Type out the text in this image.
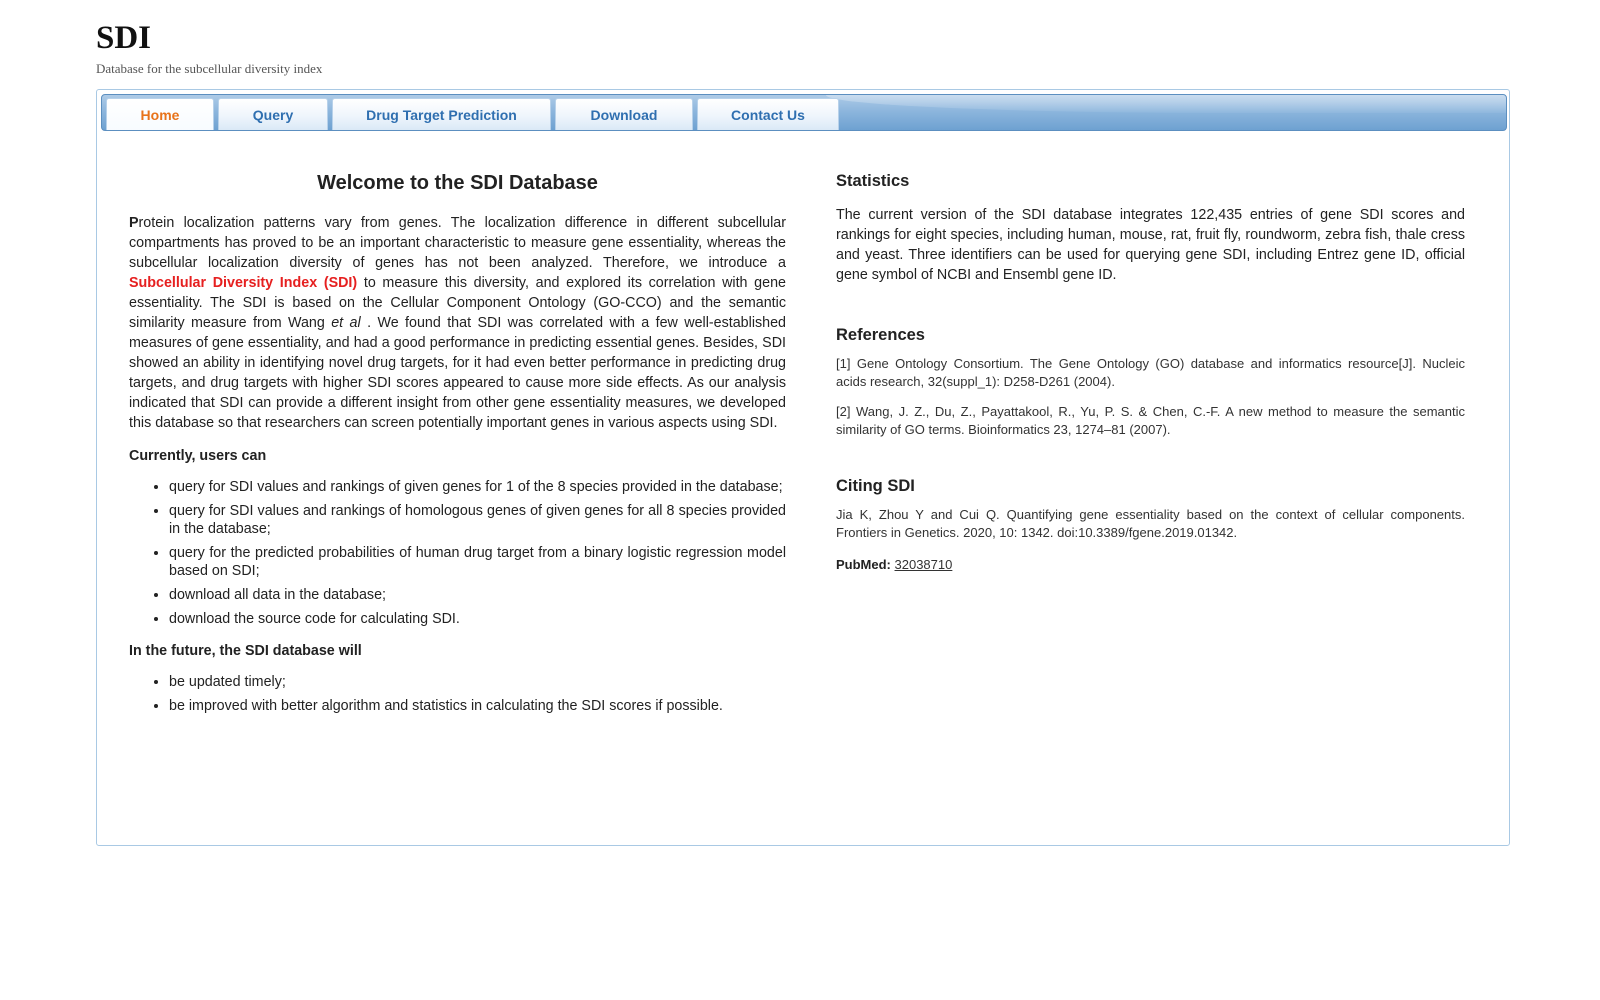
SDI
Database for the subcellular diversity index
Home	Query	Drug Target Prediction	Download	Contact Us
Welcome to the SDI Database

Protein localization patterns vary from genes. The localization difference in different subcellular compartments has proved to be an important characteristic to measure gene essentiality, whereas the subcellular localization diversity of genes has not been analyzed. Therefore, we introduce a Subcellular Diversity Index (SDI) to measure this diversity, and explored its correlation with gene essentiality. The SDI is based on the Cellular Component Ontology (GO-CCO) and the semantic similarity measure from Wang et al . We found that SDI was correlated with a few well-established measures of gene essentiality, and had a good performance in predicting essential genes. Besides, SDI showed an ability in identifying novel drug targets, for it had even better performance in predicting drug targets, and drug targets with higher SDI scores appeared to cause more side effects. As our analysis indicated that SDI can provide a different insight from other gene essentiality measures, we developed this database so that researchers can screen potentially important genes in various aspects using SDI.

Currently, users can

• query for SDI values and rankings of given genes for 1 of the 8 species provided in the database;
• query for SDI values and rankings of homologous genes of given genes for all 8 species provided in the database;
• query for the predicted probabilities of human drug target from a binary logistic regression model based on SDI;
• download all data in the database;
• download the source code for calculating SDI.

In the future, the SDI database will

• be updated timely;
• be improved with better algorithm and statistics in calculating the SDI scores if possible.
Statistics

The current version of the SDI database integrates 122,435 entries of gene SDI scores and rankings for eight species, including human, mouse, rat, fruit fly, roundworm, zebra fish, thale cress and yeast. Three identifiers can be used for querying gene SDI, including Entrez gene ID, official gene symbol of NCBI and Ensembl gene ID.

References

[1] Gene Ontology Consortium. The Gene Ontology (GO) database and informatics resource[J]. Nucleic acids research, 32(suppl_1): D258-D261 (2004).

[2] Wang, J. Z., Du, Z., Payattakool, R., Yu, P. S. & Chen, C.-F. A new method to measure the semantic similarity of GO terms. Bioinformatics 23, 1274–81 (2007).

Citing SDI

Jia K, Zhou Y and Cui Q. Quantifying gene essentiality based on the context of cellular components. Frontiers in Genetics. 2020, 10: 1342. doi:10.3389/fgene.2019.01342.

PubMed: 32038710
